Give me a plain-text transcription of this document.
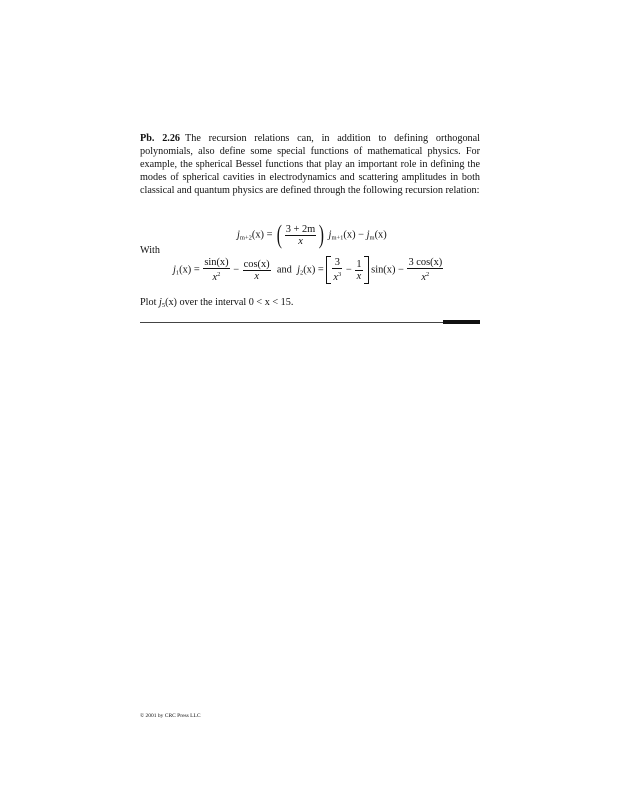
Pb. 2.26 The recursion relations can, in addition to defining orthogonal polynomials, also define some special functions of mathematical physics. For example, the spherical Bessel functions that play an important role in defining the modes of spherical cavities in electrodynamics and scattering amplitudes in both classical and quantum physics are defined through the following recursion relation:

$j_{m+2}(x)$ = ( $\frac{3 + 2m}{x}$ ) $j_{m+1}(x) - j_m(x)$
With
$j_1(x) = \frac{\sin(x)}{x^2} - \frac{\cos(x)}{x}$ and $j_2(x) = \frac{3}{x^3} - \frac{1}{x} \sin(x) - \frac{3 \cos(x)}{x^2}$
Plot $j_5(x)$ over the interval 0 < x < 15.
© 2001 by CRC Press LLC
